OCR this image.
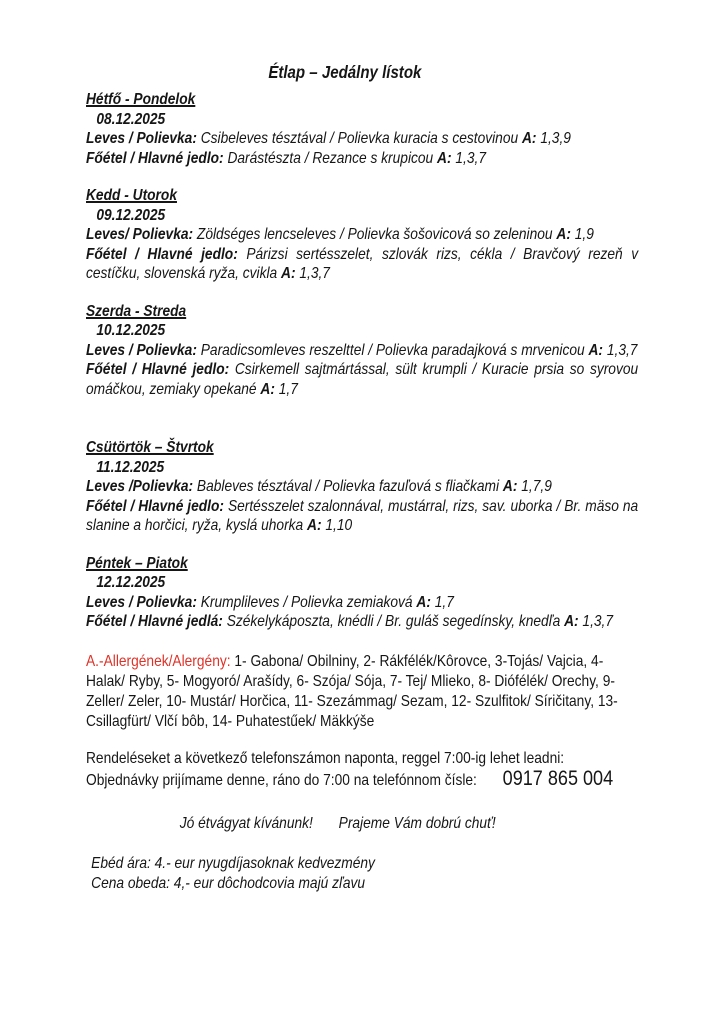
Étlap – Jedálny lístok
Hétfő - Pondelok
08.12.2025

Leves / Polievka: Csibeleves tésztával / Polievka kuracia s cestovinou A: 1,3,9

Főétel / Hlavné jedlo: Darástészta / Rezance s krupicou A: 1,3,7

Kedd - Utorok
09.12.2025

Leves/ Polievka: Zöldséges lencseleves / Polievka šošovicová so zeleninou A: 1,9

Főétel / Hlavné jedlo: Párizsi sertésszelet, szlovák rizs, cékla / Bravčový rezeň v cestíčku, slovenská ryža, cvikla A: 1,3,7

Szerda - Streda
10.12.2025

Leves / Polievka: Paradicsomleves reszelttel / Polievka paradajková s mrvenicou A: 1,3,7

Főétel / Hlavné jedlo: Csirkemell sajtmártással, sült krumpli / Kuracie prsia so syrovou omáčkou, zemiaky opekané A: 1,7

Csütörtök – Štvrtok
11.12.2025

Leves /Polievka: Bableves tésztával / Polievka fazuľová s fliačkami A: 1,7,9

Főétel / Hlavné jedlo: Sertésszelet szalonnával, mustárral, rizs, sav. uborka / Br. mäso na slanine a horčici, ryža, kyslá uhorka A: 1,10

Péntek – Piatok
12.12.2025

Leves / Polievka: Krumplileves / Polievka zemiaková A: 1,7

Főétel / Hlavné jedlá: Székelykáposzta, knédli / Br. guláš segedínsky, knedľa A: 1,3,7

A.-Allergének/Alergény: 1- Gabona/ Obilniny, 2- Rákfélék/Kôrovce, 3-Tojás/ Vajcia, 4- Halak/ Ryby, 5- Mogyoró/ Arašídy, 6- Szója/ Sója, 7- Tej/ Mlieko, 8- Diófélék/ Orechy, 9- Zeller/ Zeler, 10- Mustár/ Horčica, 11- Szezámmag/ Sezam, 12- Szulfitok/ Síričitany, 13- Csillagfürt/ Vlčí bôb, 14- Puhatestűek/ Mäkkýše

Rendeléseket a következő telefonszámon naponta, reggel 7:00-ig lehet leadni:

Objednávky prijímame denne, ráno do 7:00 na telefónnom čísle: 0917 865 004

Jó étvágyat kívánunk! Prajeme Vám dobrú chuť!

Ebéd ára: 4.- eur nyugdíjasoknak kedvezmény

Cena obeda: 4,- eur dôchodcovia majú zľavu
